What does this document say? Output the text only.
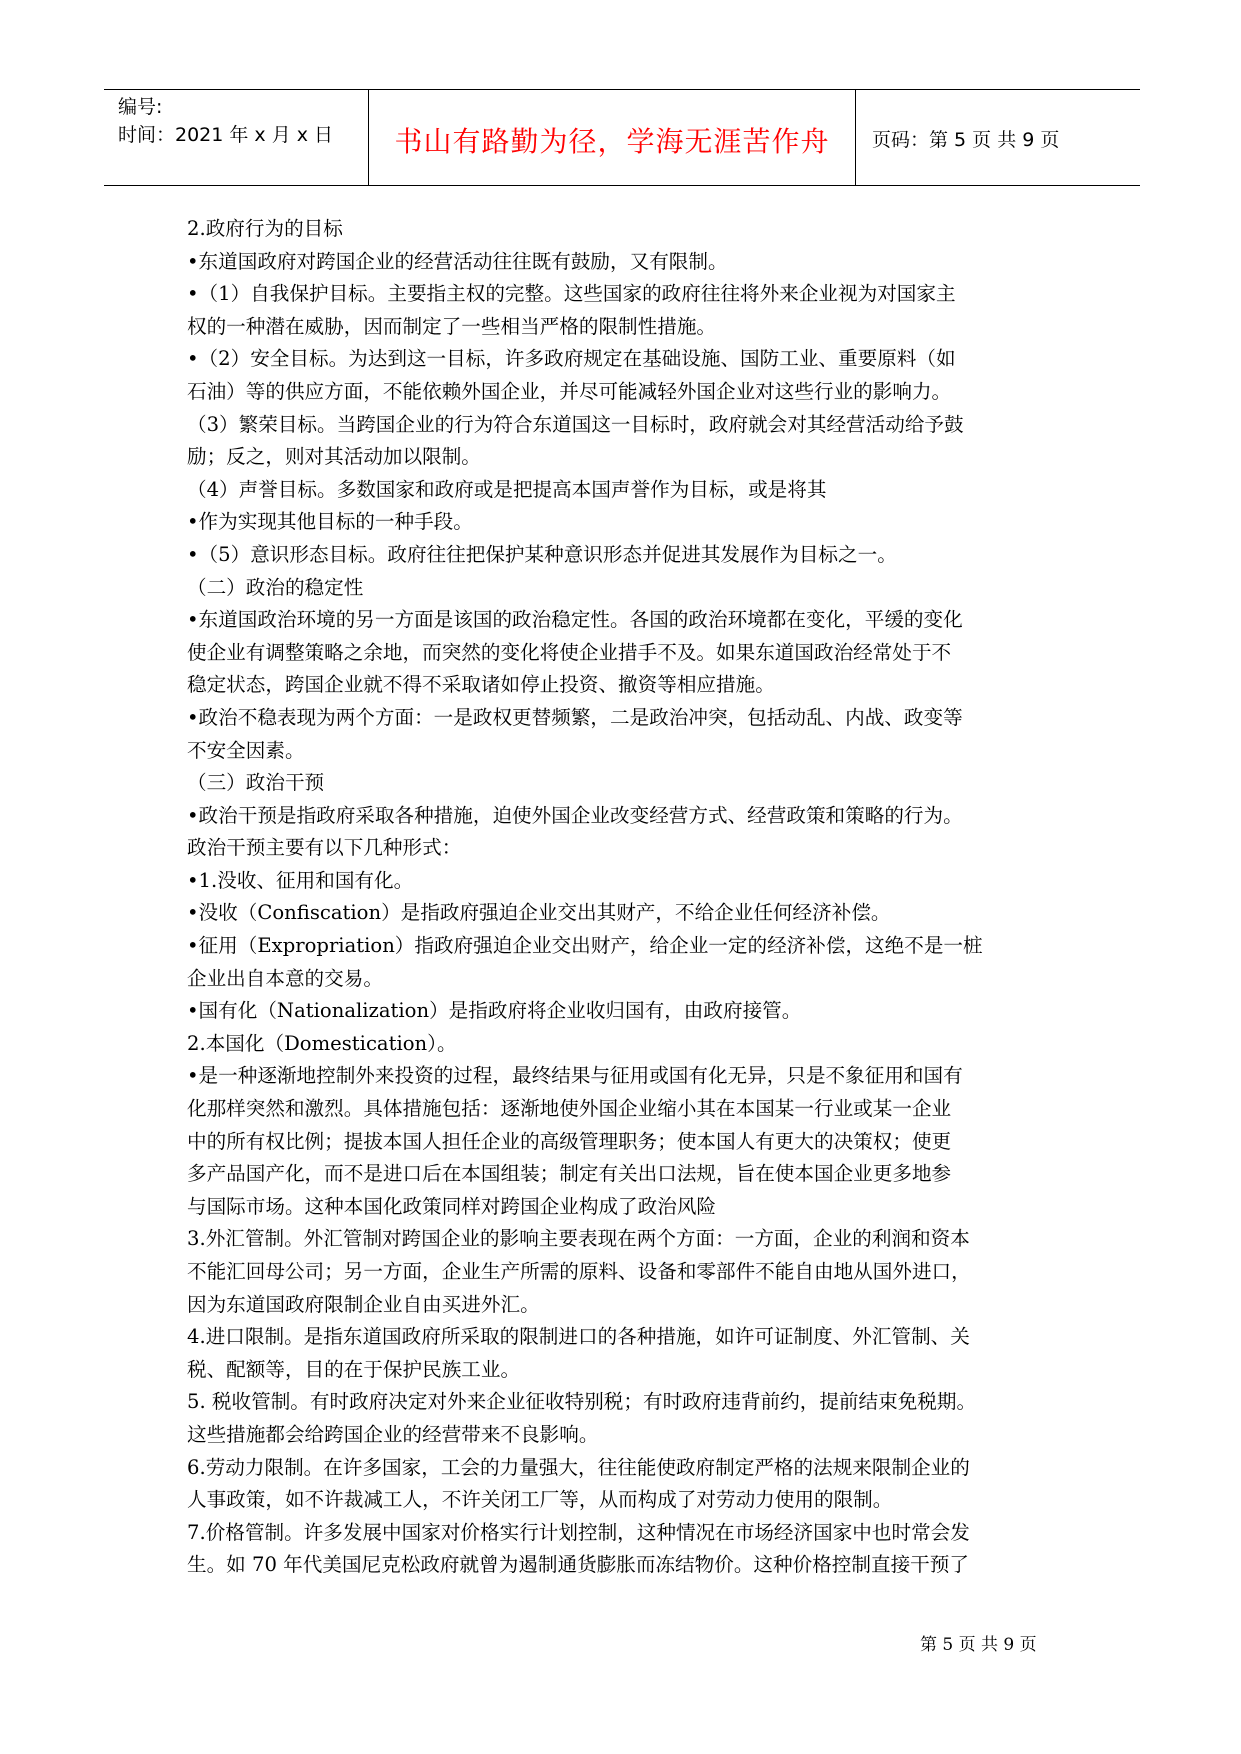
编号:
时间：2021 年 x 月 x 日	书山有路勤为径，学海无涯苦作舟	页码：第 5 页 共 9 页
2.政府行为的目标
•东道国政府对跨国企业的经营活动往往既有鼓励，又有限制。
•（1）自我保护目标。主要指主权的完整。这些国家的政府往往将外来企业视为对国家主
权的一种潜在威胁，因而制定了一些相当严格的限制性措施。
•（2）安全目标。为达到这一目标，许多政府规定在基础设施、国防工业、重要原料（如
石油）等的供应方面，不能依赖外国企业，并尽可能减轻外国企业对这些行业的影响力。
（3）繁荣目标。当跨国企业的行为符合东道国这一目标时，政府就会对其经营活动给予鼓
励；反之，则对其活动加以限制。
（4）声誉目标。多数国家和政府或是把提高本国声誉作为目标，或是将其
•作为实现其他目标的一种手段。
•（5）意识形态目标。政府往往把保护某种意识形态并促进其发展作为目标之一。
（二）政治的稳定性
•东道国政治环境的另一方面是该国的政治稳定性。各国的政治环境都在变化，平缓的变化
使企业有调整策略之余地，而突然的变化将使企业措手不及。如果东道国政治经常处于不
稳定状态，跨国企业就不得不采取诸如停止投资、撤资等相应措施。
•政治不稳表现为两个方面：一是政权更替频繁，二是政治冲突，包括动乱、内战、政变等
不安全因素。
（三）政治干预
•政治干预是指政府采取各种措施，迫使外国企业改变经营方式、经营政策和策略的行为。
政治干预主要有以下几种形式：
•1.没收、征用和国有化。
•没收（Confiscation）是指政府强迫企业交出其财产，不给企业任何经济补偿。
•征用（Expropriation）指政府强迫企业交出财产，给企业一定的经济补偿，这绝不是一桩
企业出自本意的交易。
•国有化（Nationalization）是指政府将企业收归国有，由政府接管。
2.本国化（Domestication）。
•是一种逐渐地控制外来投资的过程，最终结果与征用或国有化无异，只是不象征用和国有
化那样突然和激烈。具体措施包括：逐渐地使外国企业缩小其在本国某一行业或某一企业
中的所有权比例；提拔本国人担任企业的高级管理职务；使本国人有更大的决策权；使更
多产品国产化，而不是进口后在本国组装；制定有关出口法规，旨在使本国企业更多地参
与国际市场。这种本国化政策同样对跨国企业构成了政治风险
3.外汇管制。外汇管制对跨国企业的影响主要表现在两个方面：一方面，企业的利润和资本
不能汇回母公司；另一方面，企业生产所需的原料、设备和零部件不能自由地从国外进口，
因为东道国政府限制企业自由买进外汇。
4.进口限制。是指东道国政府所采取的限制进口的各种措施，如许可证制度、外汇管制、关
税、配额等，目的在于保护民族工业。
5. 税收管制。有时政府决定对外来企业征收特别税；有时政府违背前约，提前结束免税期。
这些措施都会给跨国企业的经营带来不良影响。
6.劳动力限制。在许多国家，工会的力量强大，往往能使政府制定严格的法规来限制企业的
人事政策，如不许裁减工人，不许关闭工厂等，从而构成了对劳动力使用的限制。
7.价格管制。许多发展中国家对价格实行计划控制，这种情况在市场经济国家中也时常会发
生。如 70 年代美国尼克松政府就曾为遏制通货膨胀而冻结物价。这种价格控制直接干预了
第 5 页 共 9 页
